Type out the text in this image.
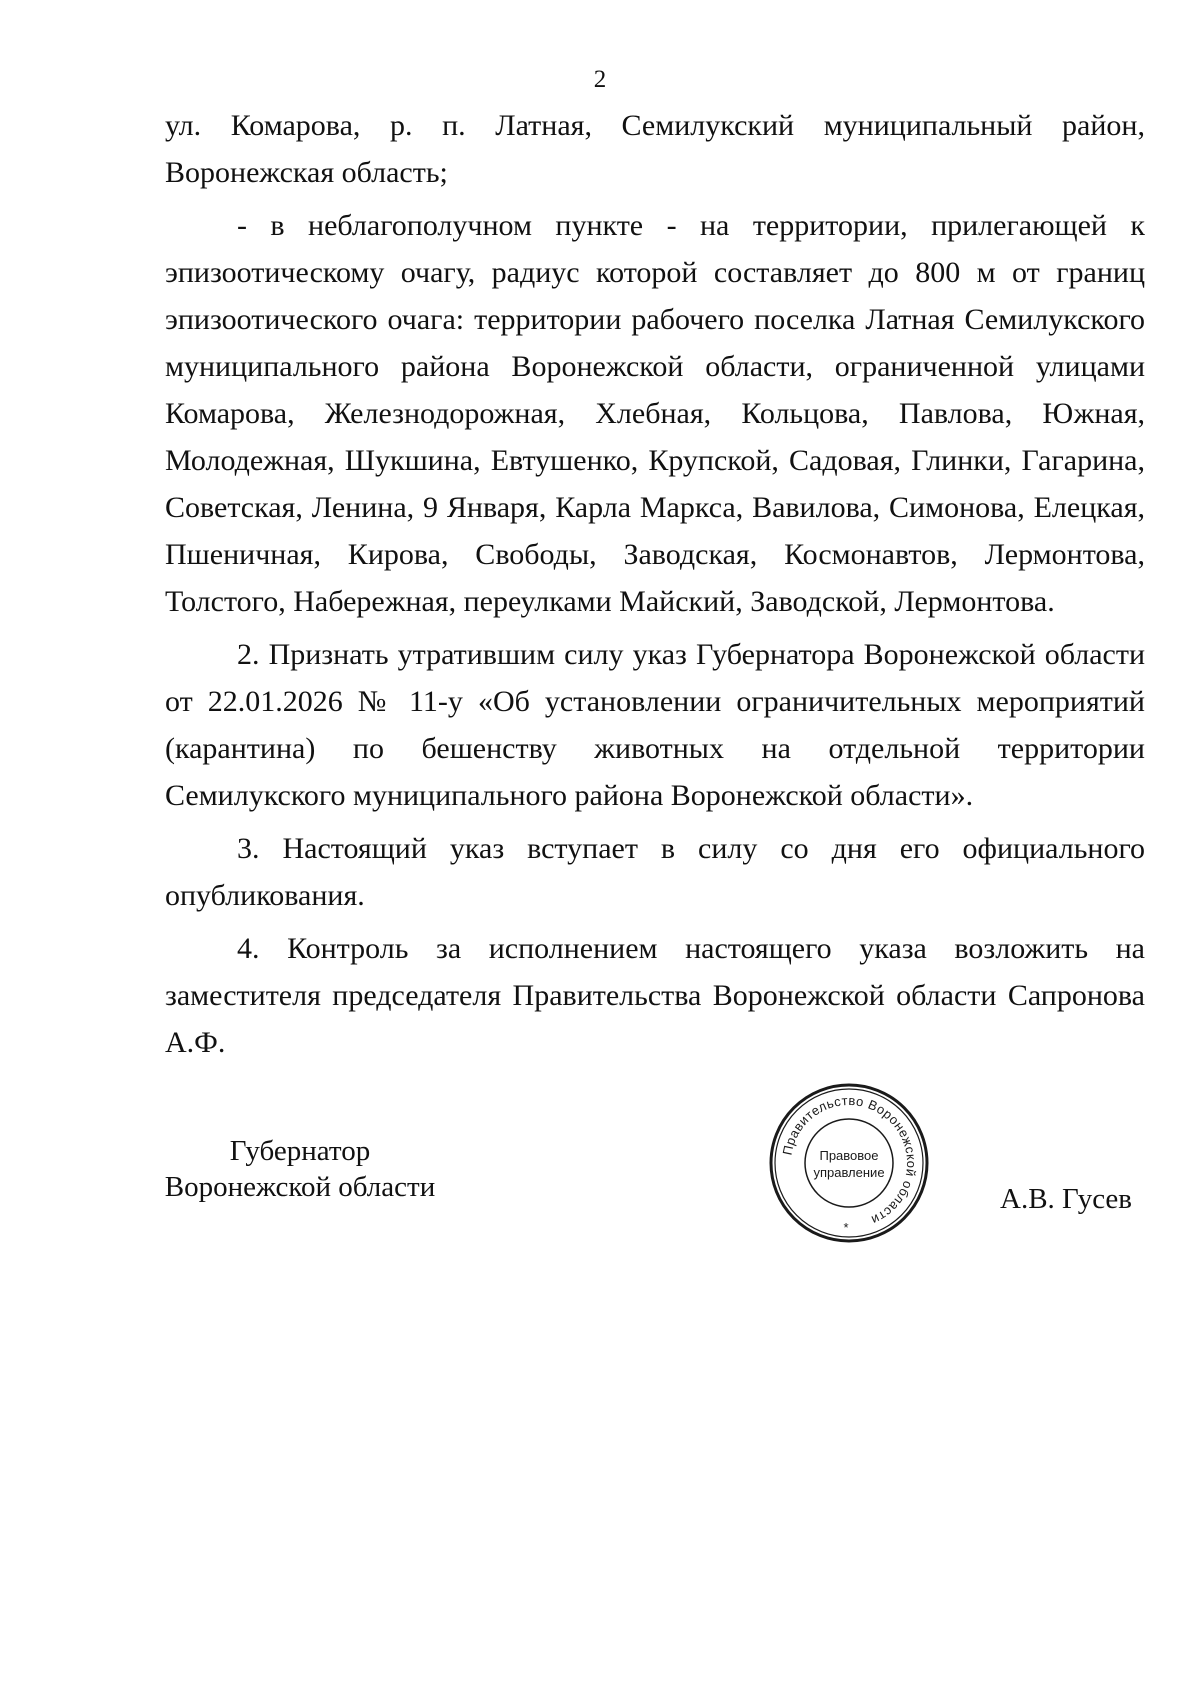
2

ул. Комарова, р. п. Латная, Семилукский муниципальный район, Воронежская область;

- в неблагополучном пункте - на территории, прилегающей к эпизоотическому очагу, радиус которой составляет до 800 м от границ эпизоотического очага: территории рабочего поселка Латная Семилукского муниципального района Воронежской области, ограниченной улицами Комарова, Железнодорожная, Хлебная, Кольцова, Павлова, Южная, Молодежная, Шукшина, Евтушенко, Крупской, Садовая, Глинки, Гагарина, Советская, Ленина, 9 Января, Карла Маркса, Вавилова, Симонова, Елецкая, Пшеничная, Кирова, Свободы, Заводская, Космонавтов, Лермонтова, Толстого, Набережная, переулками Майский, Заводской, Лермонтова.

2. Признать утратившим силу указ Губернатора Воронежской области от 22.01.2026 № 11-у «Об установлении ограничительных мероприятий (карантина) по бешенству животных на отдельной территории Семилукского муниципального района Воронежской области».

3. Настоящий указ вступает в силу со дня его официального опубликования.

4. Контроль за исполнением настоящего указа возложить на заместителя председателя Правительства Воронежской области Сапронова А.Ф.

Губернатор
Воронежской области
Правительство Воронежской области
Правовое
управление
*
А.В. Гусев
